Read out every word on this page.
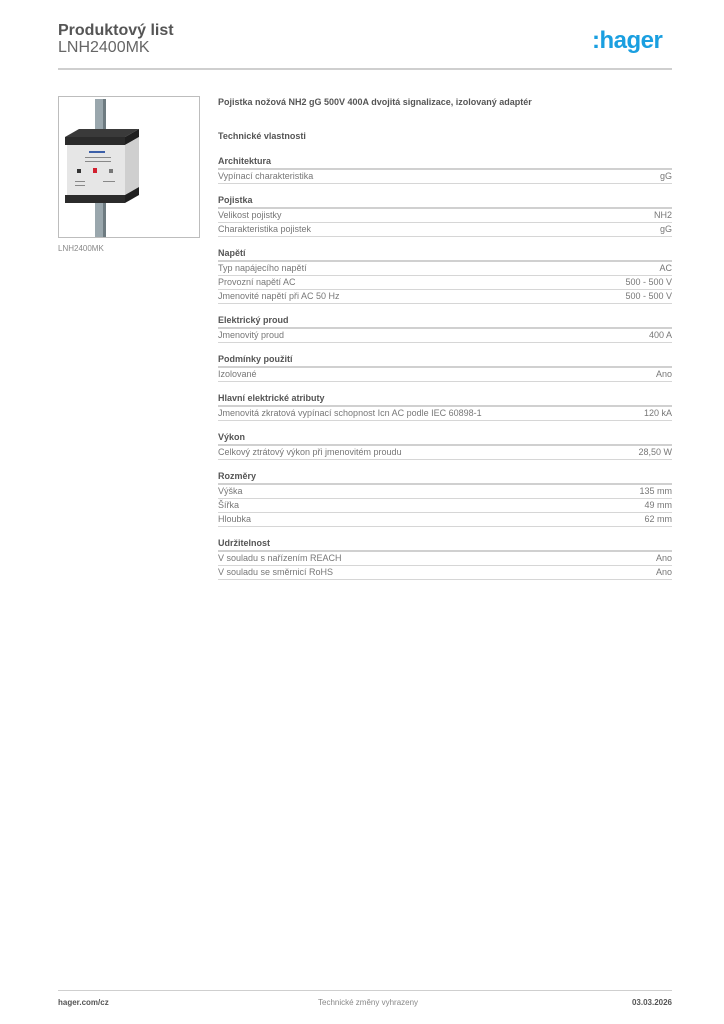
Produktový list
LNH2400MK	:hager
LNH2400MK
Pojistka nožová NH2 gG 500V 400A dvojitá signalizace, izolovaný adaptér
Technické vlastnosti
Architektura
Vypínací charakteristika	gG
Pojistka
Velikost pojistky	NH2
Charakteristika pojistek	gG
Napětí
Typ napájecího napětí	AC
Provozní napětí AC	500 - 500 V
Jmenovité napětí při AC 50 Hz	500 - 500 V
Elektrický proud
Jmenovitý proud	400 A
Podmínky použití
Izolované	Ano
Hlavní elektrické atributy
Jmenovitá zkratová vypínací schopnost Icn AC podle IEC 60898-1	120 kA
Výkon
Celkový ztrátový výkon při jmenovitém proudu	28,50 W
Rozměry
Výška	135 mm
Šířka	49 mm
Hloubka	62 mm
Udržitelnost
V souladu s nařízením REACH	Ano
V souladu se směrnicí RoHS	Ano
hager.com/cz	Technické změny vyhrazeny	03.03.2026
